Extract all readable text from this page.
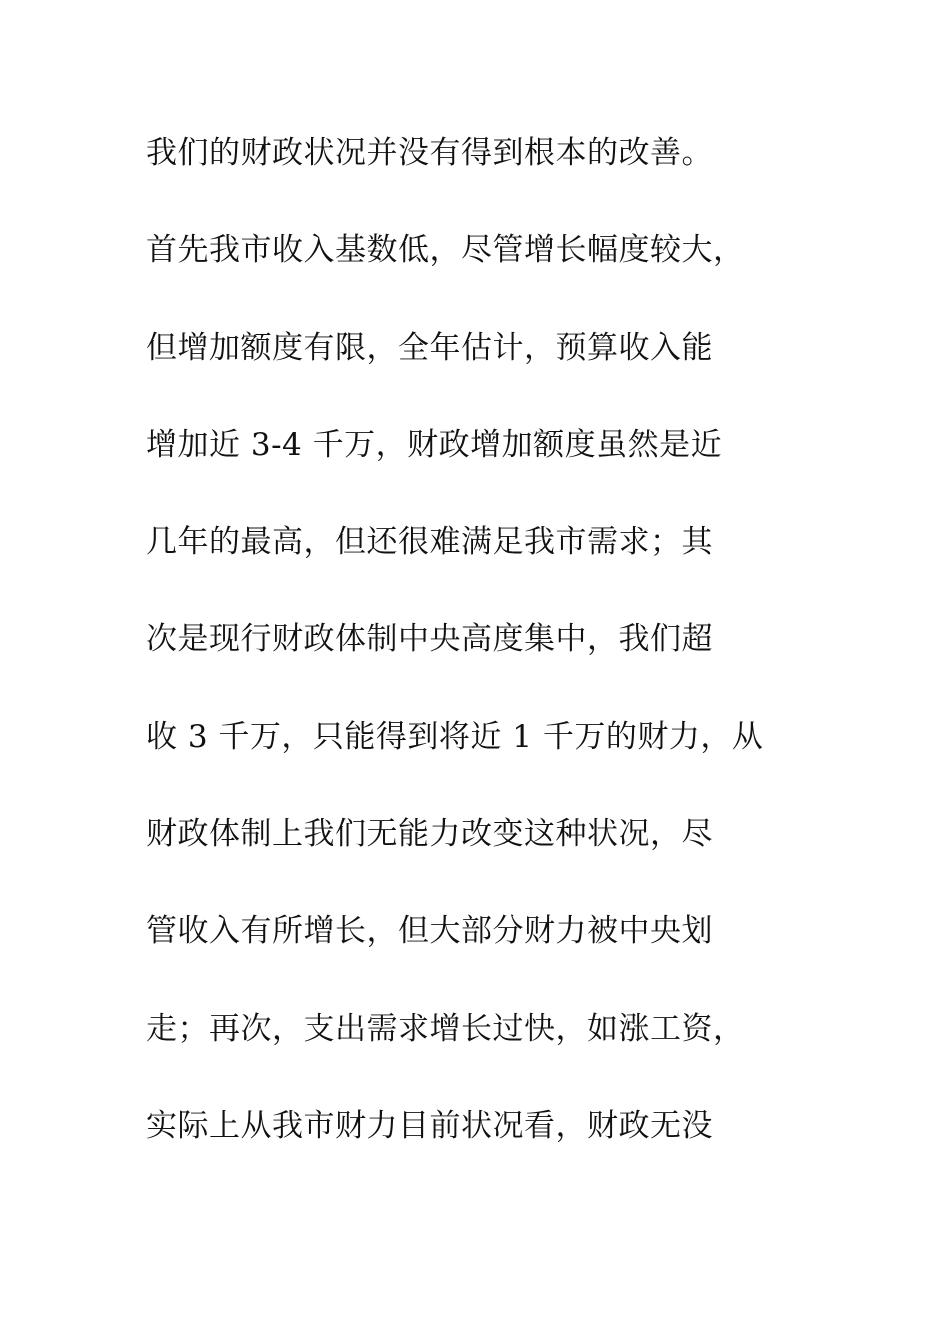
我们的财政状况并没有得到根本的改善。
首先我市收入基数低，尽管增长幅度较大，
但增加额度有限，全年估计，预算收入能
增加近 3-4 千万，财政增加额度虽然是近
几年的最高，但还很难满足我市需求；其
次是现行财政体制中央高度集中，我们超
收 3 千万，只能得到将近 1 千万的财力，从
财政体制上我们无能力改变这种状况，尽
管收入有所增长，但大部分财力被中央划
走；再次，支出需求增长过快，如涨工资，
实际上从我市财力目前状况看，财政无没
